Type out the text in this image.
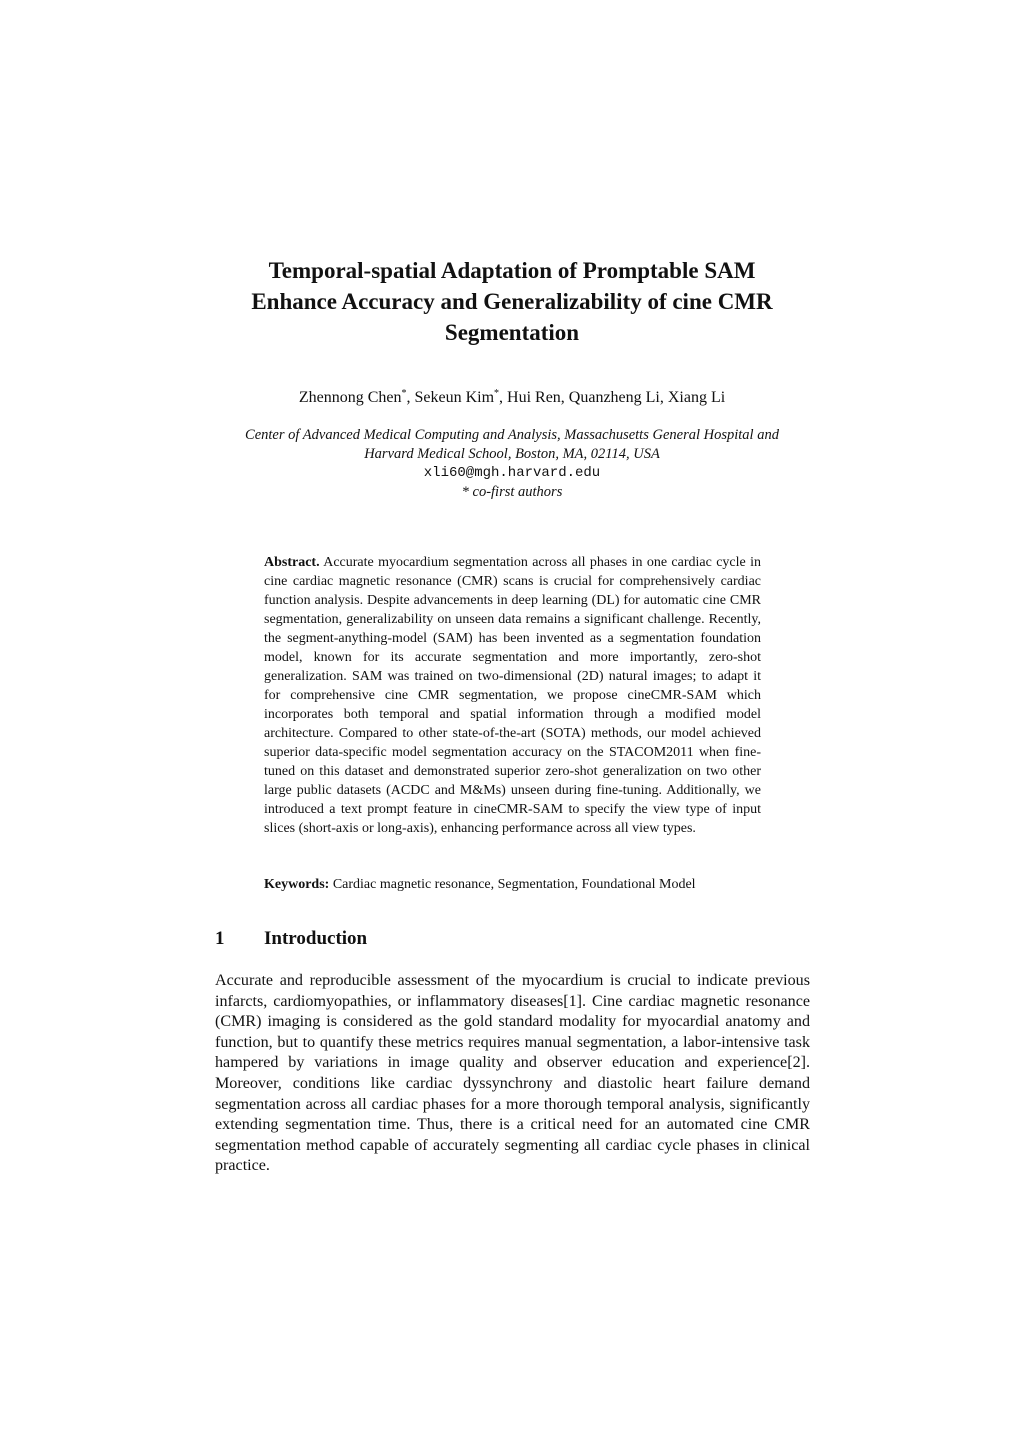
Temporal-spatial Adaptation of Promptable SAM
Enhance Accuracy and Generalizability of cine CMR
Segmentation
Zhennong Chen*, Sekeun Kim*, Hui Ren, Quanzheng Li, Xiang Li
Center of Advanced Medical Computing and Analysis, Massachusetts General Hospital and
Harvard Medical School, Boston, MA, 02114, USA
xli60@mgh.harvard.edu
* co-first authors
Abstract. Accurate myocardium segmentation across all phases in one cardiac cycle in cine cardiac magnetic resonance (CMR) scans is crucial for comprehensively cardiac function analysis. Despite advancements in deep learning (DL) for automatic cine CMR segmentation, generalizability on unseen data remains a significant challenge. Recently, the segment-anything-model (SAM) has been invented as a segmentation foundation model, known for its accurate segmentation and more importantly, zero-shot generalization. SAM was trained on two-dimensional (2D) natural images; to adapt it for comprehensive cine CMR segmentation, we propose cineCMR-SAM which incorporates both temporal and spatial information through a modified model architecture. Compared to other state-of-the-art (SOTA) methods, our model achieved superior data-specific model segmentation accuracy on the STACOM2011 when fine-tuned on this dataset and demonstrated superior zero-shot generalization on two other large public datasets (ACDC and M&Ms) unseen during fine-tuning. Additionally, we introduced a text prompt feature in cineCMR-SAM to specify the view type of input slices (short-axis or long-axis), enhancing performance across all view types.
Keywords: Cardiac magnetic resonance, Segmentation, Foundational Model
1 Introduction

Accurate and reproducible assessment of the myocardium is crucial to indicate previous infarcts, cardiomyopathies, or inflammatory diseases[1]. Cine cardiac magnetic resonance (CMR) imaging is considered as the gold standard modality for myocardial anatomy and function, but to quantify these metrics requires manual segmentation, a labor-intensive task hampered by variations in image quality and observer education and experience[2]. Moreover, conditions like cardiac dyssynchrony and diastolic heart failure demand segmentation across all cardiac phases for a more thorough temporal analysis, significantly extending segmentation time. Thus, there is a critical need for an automated cine CMR segmentation method capable of accurately segmenting all cardiac cycle phases in clinical practice.
